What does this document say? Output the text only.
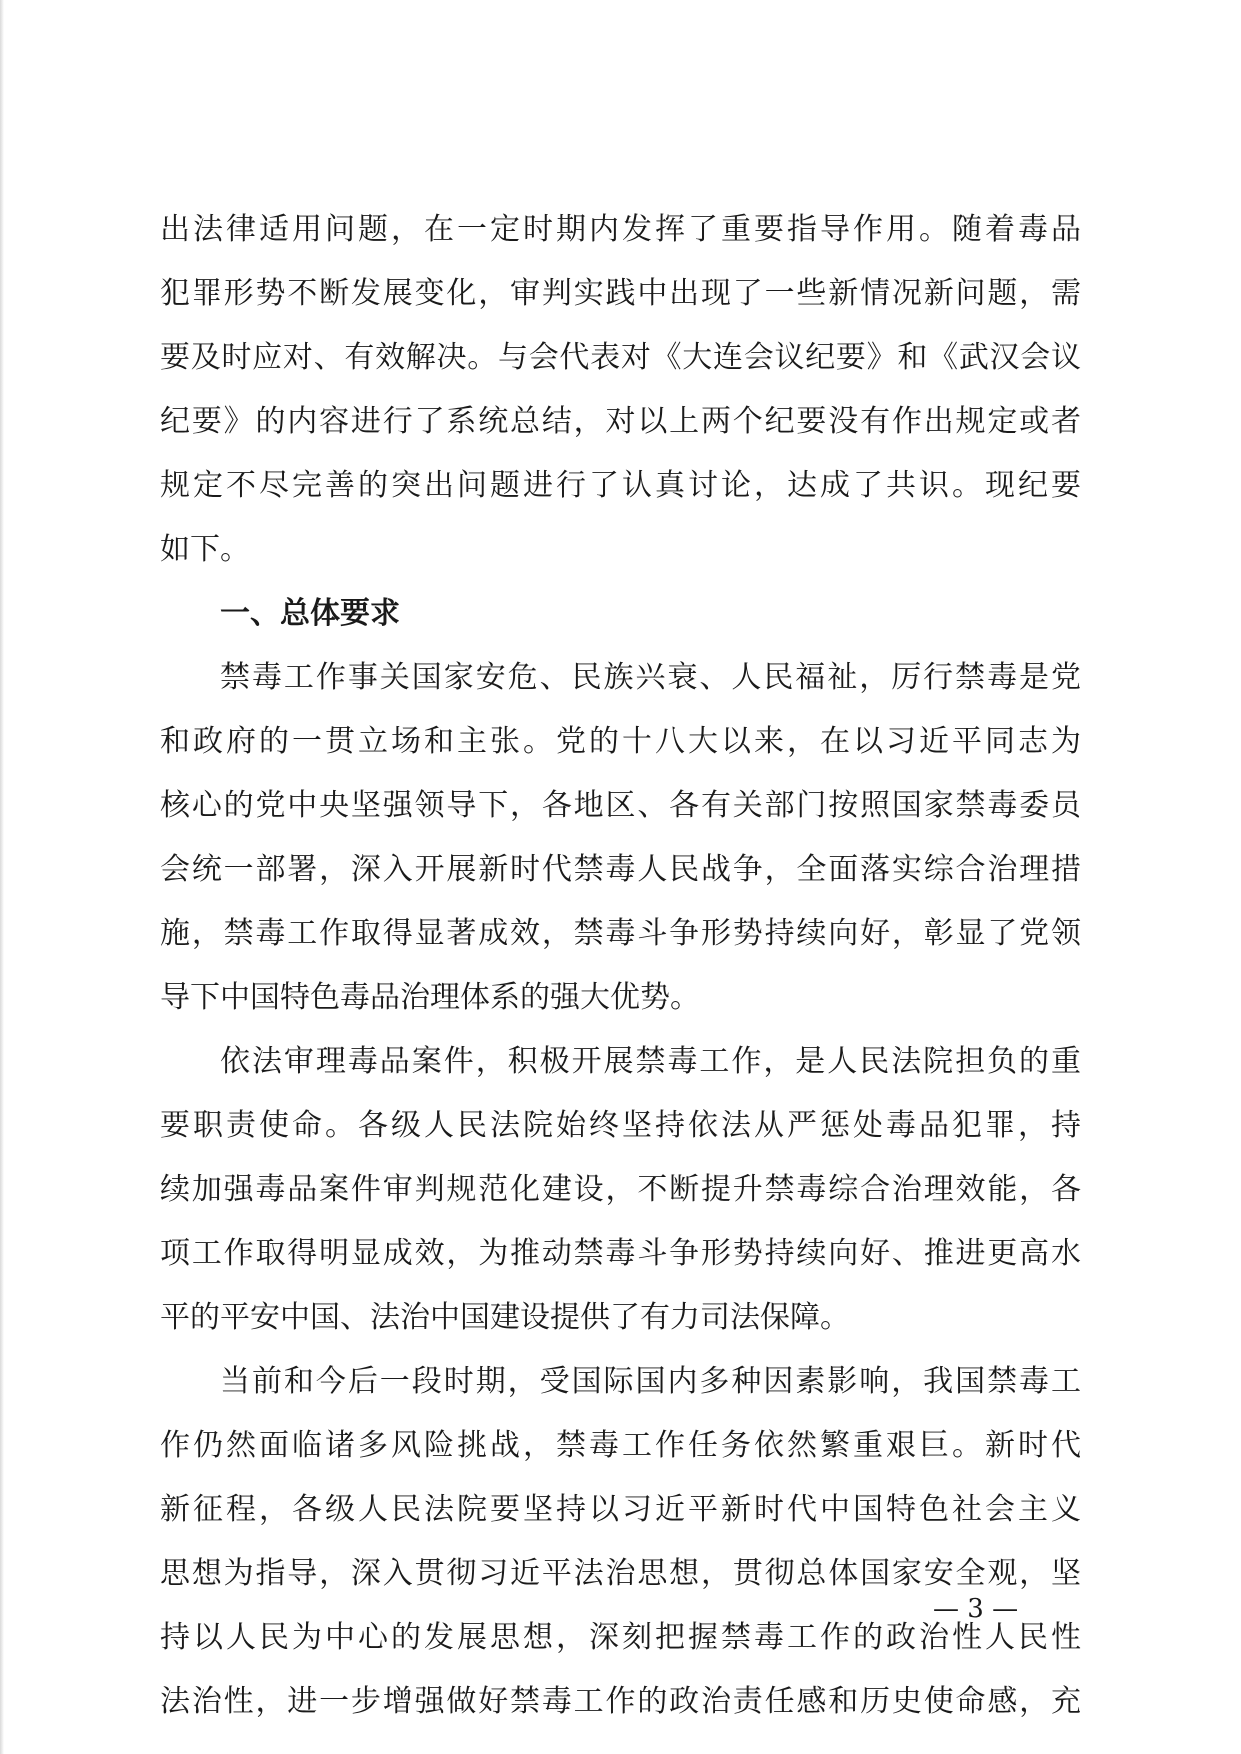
出法律适用问题，在一定时期内发挥了重要指导作用。随着毒品
犯罪形势不断发展变化，审判实践中出现了一些新情况新问题，需
要及时应对、有效解决。与会代表对《大连会议纪要》和《武汉会议
纪要》的内容进行了系统总结，对以上两个纪要没有作出规定或者
规定不尽完善的突出问题进行了认真讨论，达成了共识。现纪要
如下。
一、总体要求
禁毒工作事关国家安危、民族兴衰、人民福祉，厉行禁毒是党
和政府的一贯立场和主张。党的十八大以来，在以习近平同志为
核心的党中央坚强领导下，各地区、各有关部门按照国家禁毒委员
会统一部署，深入开展新时代禁毒人民战争，全面落实综合治理措
施，禁毒工作取得显著成效，禁毒斗争形势持续向好，彰显了党领
导下中国特色毒品治理体系的强大优势。
依法审理毒品案件，积极开展禁毒工作，是人民法院担负的重
要职责使命。各级人民法院始终坚持依法从严惩处毒品犯罪，持
续加强毒品案件审判规范化建设，不断提升禁毒综合治理效能，各
项工作取得明显成效，为推动禁毒斗争形势持续向好、推进更高水
平的平安中国、法治中国建设提供了有力司法保障。
当前和今后一段时期，受国际国内多种因素影响，我国禁毒工
作仍然面临诸多风险挑战，禁毒工作任务依然繁重艰巨。新时代
新征程，各级人民法院要坚持以习近平新时代中国特色社会主义
思想为指导，深入贯彻习近平法治思想，贯彻总体国家安全观，坚
持以人民为中心的发展思想，深刻把握禁毒工作的政治性人民性
法治性，进一步增强做好禁毒工作的政治责任感和历史使命感，充
— 3 —
